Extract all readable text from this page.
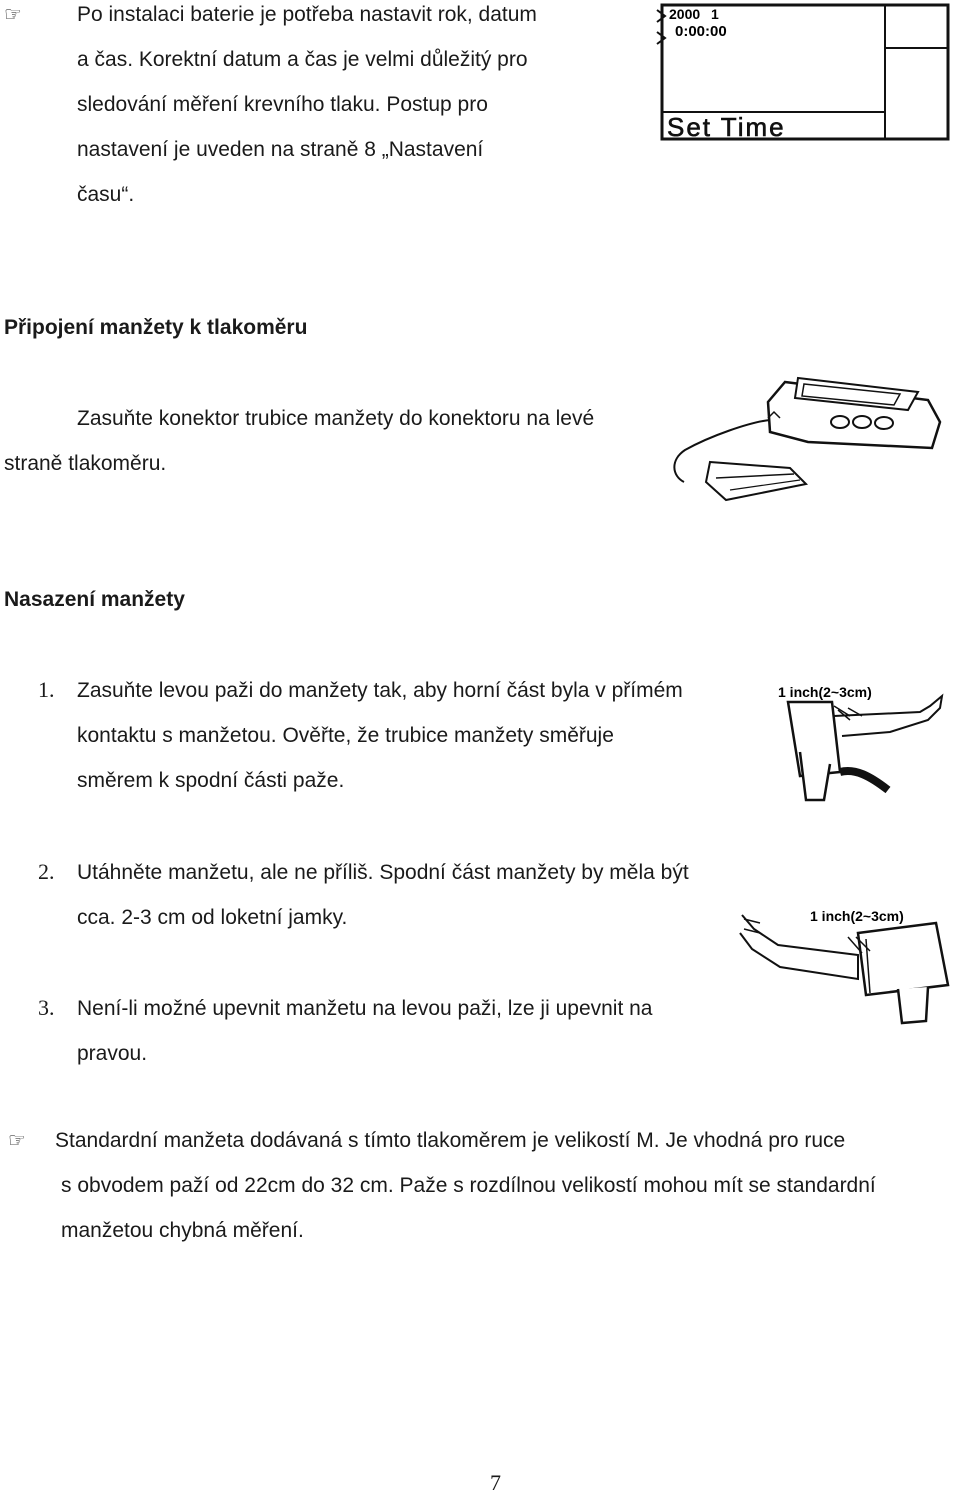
☞	Po instalaci baterie je potřeba nastavit rok, datum
a čas. Korektní datum a čas je velmi důležitý pro
sledování měření krevního tlaku. Postup pro
nastavení je uveden na straně 8 „Nastavení
času“.
2000 1
0:00:00
Set Time
Připojení manžety k tlakoměru
Zasuňte konektor trubice manžety do konektoru na levé
straně tlakoměru.
Nasazení manžety
1. Zasuňte levou paži do manžety tak, aby horní část byla v přímém
kontaktu s manžetou. Ověřte, že trubice manžety směřuje
směrem k spodní části paže.
2. Utáhněte manžetu, ale ne příliš. Spodní část manžety by měla být
cca. 2-3 cm od loketní jamky.
3. Není-li možné upevnit manžetu na levou paži, lze ji upevnit na
pravou.
1 inch(2~3cm)
1 inch(2~3cm)
☞ Standardní manžeta dodávaná s tímto tlakoměrem je velikostí M. Je vhodná pro ruce
s obvodem paží od 22cm do 32 cm. Paže s rozdílnou velikostí mohou mít se standardní
manžetou chybná měření.
7
